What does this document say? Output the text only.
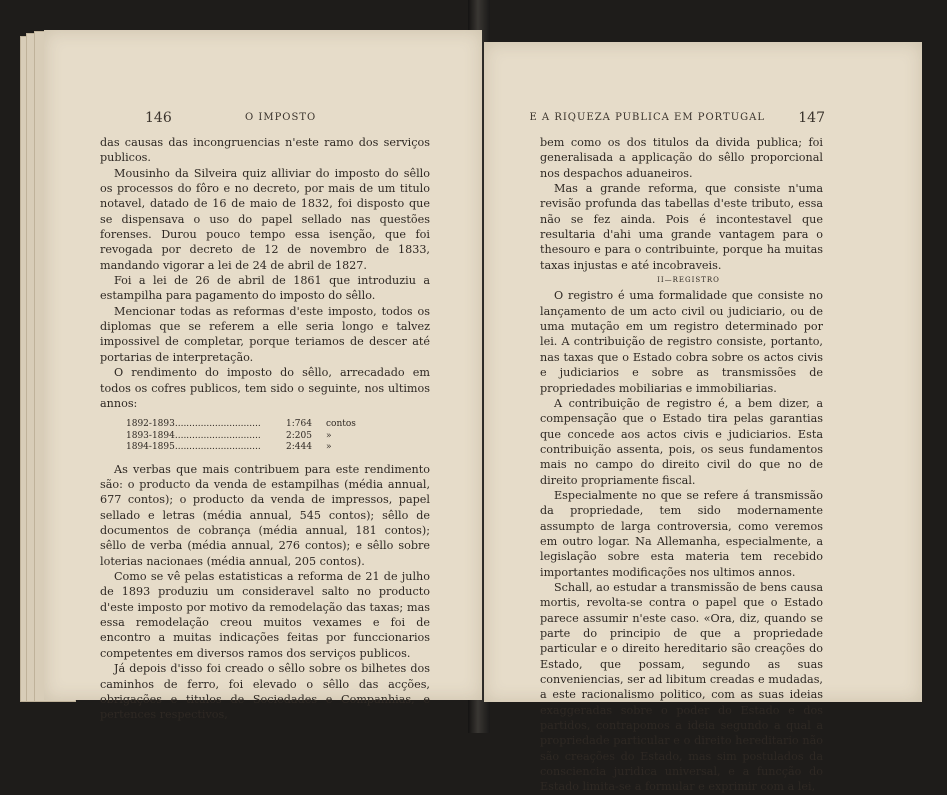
146	O IMPOSTO	E A RIQUEZA PUBLICA EM PORTUGAL 147

das causas das incongruencias n'este ramo dos serviços publicos.

Mousinho da Silveira quiz alliviar do imposto do sêllo os processos do fôro e no decreto, por mais de um titulo notavel, datado de 16 de maio de 1832, foi disposto que se dispensava o uso do papel sellado nas questões forenses. Durou pouco tempo essa isenção, que foi revogada por decreto de 12 de novembro de 1833, mandando vigorar a lei de 24 de abril de 1827.

Foi a lei de 26 de abril de 1861 que introduziu a estampilha para pagamento do imposto do sêllo.

Mencionar todas as reformas d'este imposto, todos os diplomas que se referem a elle seria longo e talvez impossivel de completar, porque teriamos de descer até portarias de interpretação.

O rendimento do imposto do sêllo, arrecadado em todos os cofres publicos, tem sido o seguinte, nos ultimos annos:

1892-1893..............................	1:764	contos
1893-1894..............................	2:205	»
1894-1895..............................	2:444	»

As verbas que mais contribuem para este rendimento são: o producto da venda de estampilhas (média annual, 677 contos); o producto da venda de impressos, papel sellado e letras (média annual, 545 contos); sêllo de documentos de cobrança (média annual, 181 contos); sêllo de verba (média annual, 276 contos); e sêllo sobre loterias nacionaes (média annual, 205 contos).

Como se vê pelas estatisticas a reforma de 21 de julho de 1893 produziu um consideravel salto no producto d'este imposto por motivo da remodelação das taxas; mas essa remodelação creou muitos vexames e foi de encontro a muitas indicações feitas por funccionarios competentes em diversos ramos dos serviços publicos.

Já depois d'isso foi creado o sêllo sobre os bilhetes dos caminhos de ferro, foi elevado o sêllo das acções, obrigações e titulos de Sociedades e Companhias, e pertences respectivos,

bem como os dos titulos da divida publica; foi generalisada a applicação do sêllo proporcional nos despachos aduaneiros.

Mas a grande reforma, que consiste n'uma revisão profunda das tabellas d'este tributo, essa não se fez ainda. Pois é incontestavel que resultaria d'ahi uma grande vantagem para o thesouro e para o contribuinte, porque ha muitas taxas injustas e até incobraveis.

II—REGISTRO

O registro é uma formalidade que consiste no lançamento de um acto civil ou judiciario, ou de uma mutação em um registro determinado por lei. A contribuição de registro consiste, portanto, nas taxas que o Estado cobra sobre os actos civis e judiciarios e sobre as transmissões de propriedades mobiliarias e immobiliarias.

A contribuição de registro é, a bem dizer, a compensação que o Estado tira pelas garantias que concede aos actos civis e judiciarios. Esta contribuição assenta, pois, os seus fundamentos mais no campo do direito civil do que no de direito propriamente fiscal.

Especialmente no que se refere á transmissão da propriedade, tem sido modernamente assumpto de larga controversia, como veremos em outro logar. Na Allemanha, especialmente, a legislação sobre esta materia tem recebido importantes modificações nos ultimos annos.

Schall, ao estudar a transmissão de bens causa mortis, revolta-se contra o papel que o Estado parece assumir n'este caso. «Ora, diz, quando se parte do principio de que a propriedade particular e o direito hereditario são creações do Estado, que possam, segundo as suas conveniencias, ser ad libitum creadas e mudadas, a este racionalismo politico, com as suas ideias exaggeradas sobre o poder do Estado e dos partidos, contrapomos a ideia segundo a qual a propriedade particular e o direito hereditario não são creações do Estado, mas sim postulados da consciencia juridica universal, e a funcção do Estado limita-se a formular e exprimir com a lei,
